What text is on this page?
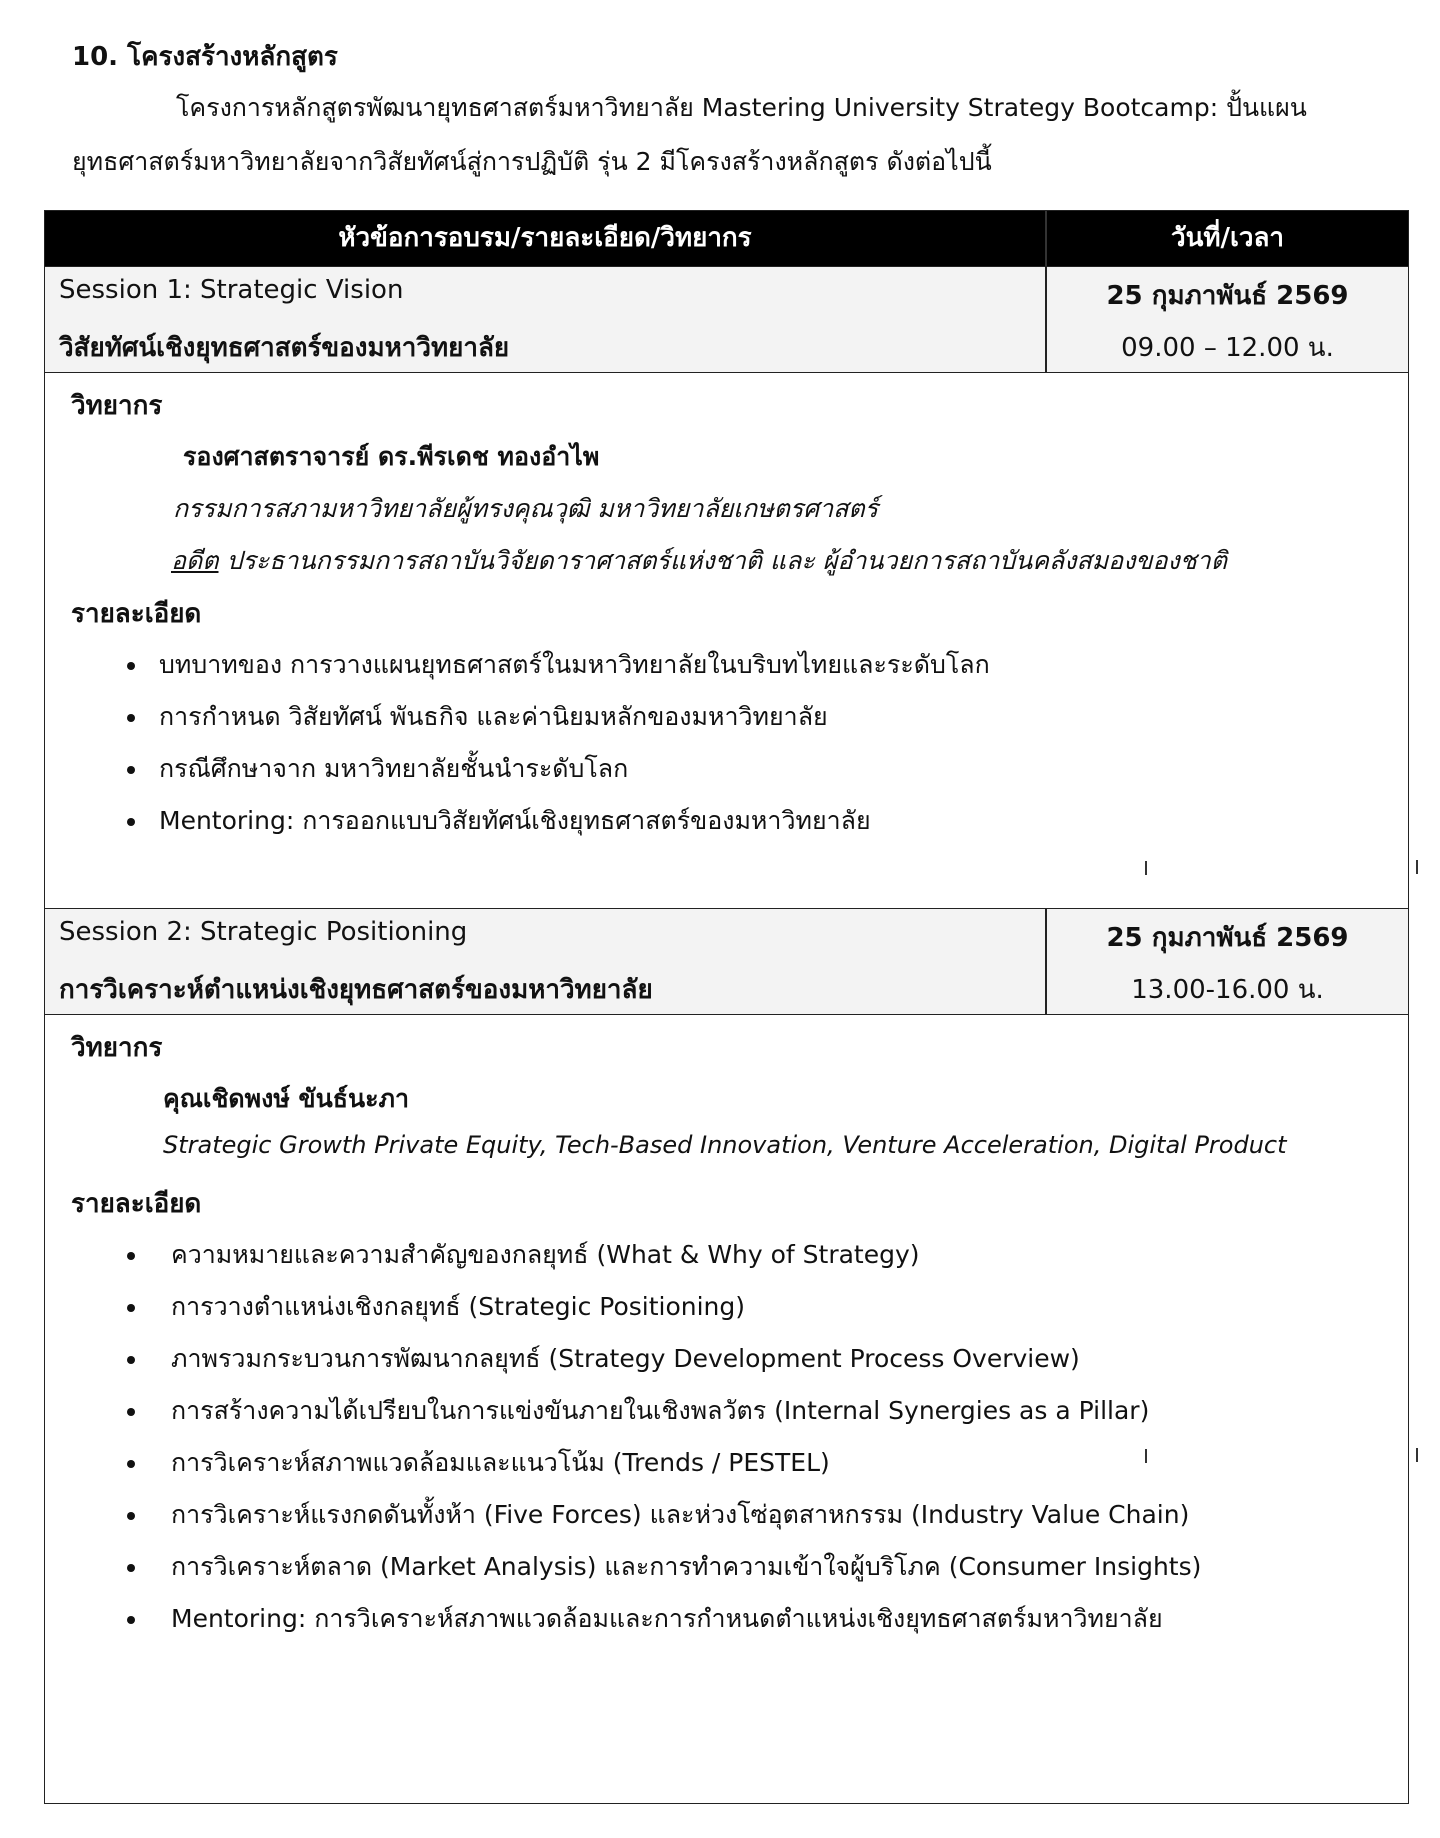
10. โครงสร้างหลักสูตร
โครงการหลักสูตรพัฒนายุทธศาสตร์มหาวิทยาลัย Mastering University Strategy Bootcamp: ปั้นแผน
ยุทธศาสตร์มหาวิทยาลัยจากวิสัยทัศน์สู่การปฏิบัติ รุ่น 2 มีโครงสร้างหลักสูตร ดังต่อไปนี้
หัวข้อการอบรม/รายละเอียด/วิทยากร	วันที่/เวลา
Session 1: Strategic Vision
วิสัยทัศน์เชิงยุทธศาสตร์ของมหาวิทยาลัย
25 กุมภาพันธ์ 2569
09.00 – 12.00 น.
วิทยากร
รองศาสตราจารย์ ดร.พีรเดช ทองอำไพ
กรรมการสภามหาวิทยาลัยผู้ทรงคุณวุฒิ มหาวิทยาลัยเกษตรศาสตร์
อดีต ประธานกรรมการสถาบันวิจัยดาราศาสตร์แห่งชาติ และ ผู้อำนวยการสถาบันคลังสมองของชาติ
รายละเอียด
บทบาทของ การวางแผนยุทธศาสตร์ในมหาวิทยาลัยในบริบทไทยและระดับโลก
การกำหนด วิสัยทัศน์ พันธกิจ และค่านิยมหลักของมหาวิทยาลัย
กรณีศึกษาจาก มหาวิทยาลัยชั้นนำระดับโลก
Mentoring: การออกแบบวิสัยทัศน์เชิงยุทธศาสตร์ของมหาวิทยาลัย
Session 2: Strategic Positioning
การวิเคราะห์ตำแหน่งเชิงยุทธศาสตร์ของมหาวิทยาลัย
25 กุมภาพันธ์ 2569
13.00-16.00 น.
วิทยากร
คุณเชิดพงษ์ ขันธ์นะภา
Strategic Growth Private Equity, Tech-Based Innovation, Venture Acceleration, Digital Product
รายละเอียด
ความหมายและความสำคัญของกลยุทธ์ (What & Why of Strategy)
การวางตำแหน่งเชิงกลยุทธ์ (Strategic Positioning)
ภาพรวมกระบวนการพัฒนากลยุทธ์ (Strategy Development Process Overview)
การสร้างความได้เปรียบในการแข่งขันภายในเชิงพลวัตร (Internal Synergies as a Pillar)
การวิเคราะห์สภาพแวดล้อมและแนวโน้ม (Trends / PESTEL)
การวิเคราะห์แรงกดดันทั้งห้า (Five Forces) และห่วงโซ่อุตสาหกรรม (Industry Value Chain)
การวิเคราะห์ตลาด (Market Analysis) และการทำความเข้าใจผู้บริโภค (Consumer Insights)
Mentoring: การวิเคราะห์สภาพแวดล้อมและการกำหนดตำแหน่งเชิงยุทธศาสตร์มหาวิทยาลัย
